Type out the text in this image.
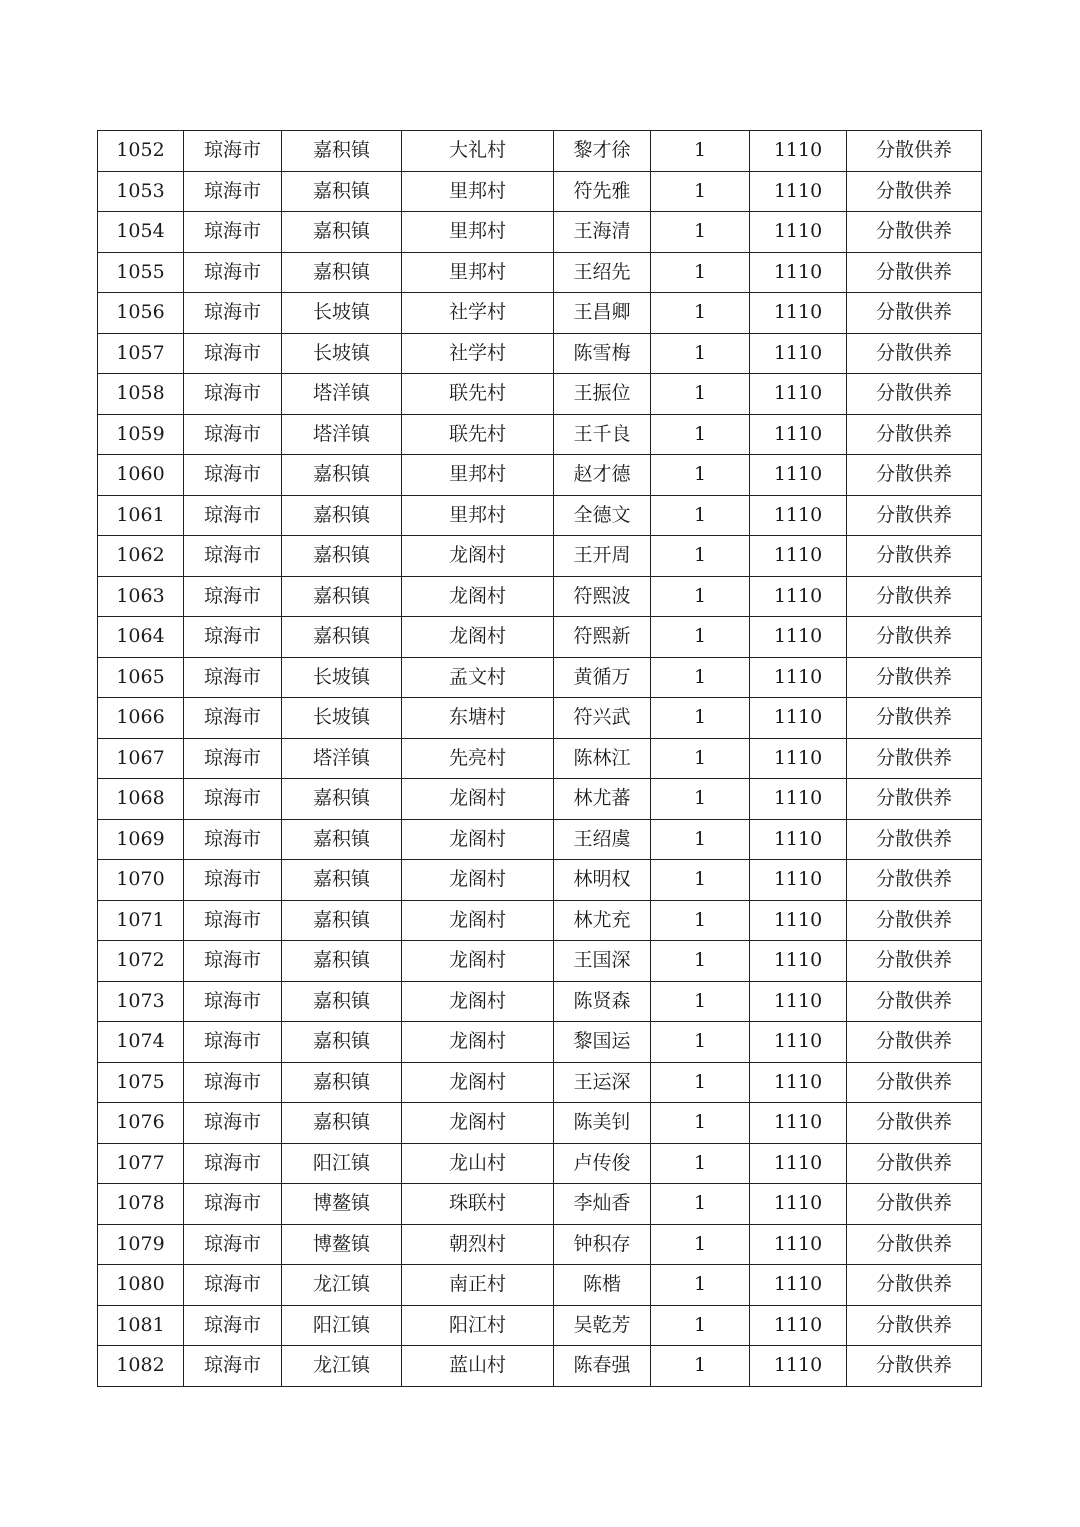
1052	琼海市	嘉积镇	大礼村	黎才徐	1	1110	分散供养
1053	琼海市	嘉积镇	里邦村	符先雅	1	1110	分散供养
1054	琼海市	嘉积镇	里邦村	王海清	1	1110	分散供养
1055	琼海市	嘉积镇	里邦村	王绍先	1	1110	分散供养
1056	琼海市	长坡镇	社学村	王昌卿	1	1110	分散供养
1057	琼海市	长坡镇	社学村	陈雪梅	1	1110	分散供养
1058	琼海市	塔洋镇	联先村	王振位	1	1110	分散供养
1059	琼海市	塔洋镇	联先村	王千良	1	1110	分散供养
1060	琼海市	嘉积镇	里邦村	赵才德	1	1110	分散供养
1061	琼海市	嘉积镇	里邦村	全德文	1	1110	分散供养
1062	琼海市	嘉积镇	龙阁村	王开周	1	1110	分散供养
1063	琼海市	嘉积镇	龙阁村	符熙波	1	1110	分散供养
1064	琼海市	嘉积镇	龙阁村	符熙新	1	1110	分散供养
1065	琼海市	长坡镇	孟文村	黄循万	1	1110	分散供养
1066	琼海市	长坡镇	东塘村	符兴武	1	1110	分散供养
1067	琼海市	塔洋镇	先亮村	陈林江	1	1110	分散供养
1068	琼海市	嘉积镇	龙阁村	林尤蕃	1	1110	分散供养
1069	琼海市	嘉积镇	龙阁村	王绍虞	1	1110	分散供养
1070	琼海市	嘉积镇	龙阁村	林明权	1	1110	分散供养
1071	琼海市	嘉积镇	龙阁村	林尤充	1	1110	分散供养
1072	琼海市	嘉积镇	龙阁村	王国深	1	1110	分散供养
1073	琼海市	嘉积镇	龙阁村	陈贤森	1	1110	分散供养
1074	琼海市	嘉积镇	龙阁村	黎国运	1	1110	分散供养
1075	琼海市	嘉积镇	龙阁村	王运深	1	1110	分散供养
1076	琼海市	嘉积镇	龙阁村	陈美钊	1	1110	分散供养
1077	琼海市	阳江镇	龙山村	卢传俊	1	1110	分散供养
1078	琼海市	博鳌镇	珠联村	李灿香	1	1110	分散供养
1079	琼海市	博鳌镇	朝烈村	钟积存	1	1110	分散供养
1080	琼海市	龙江镇	南正村	陈楷	1	1110	分散供养
1081	琼海市	阳江镇	阳江村	吴乾芳	1	1110	分散供养
1082	琼海市	龙江镇	蓝山村	陈春强	1	1110	分散供养
